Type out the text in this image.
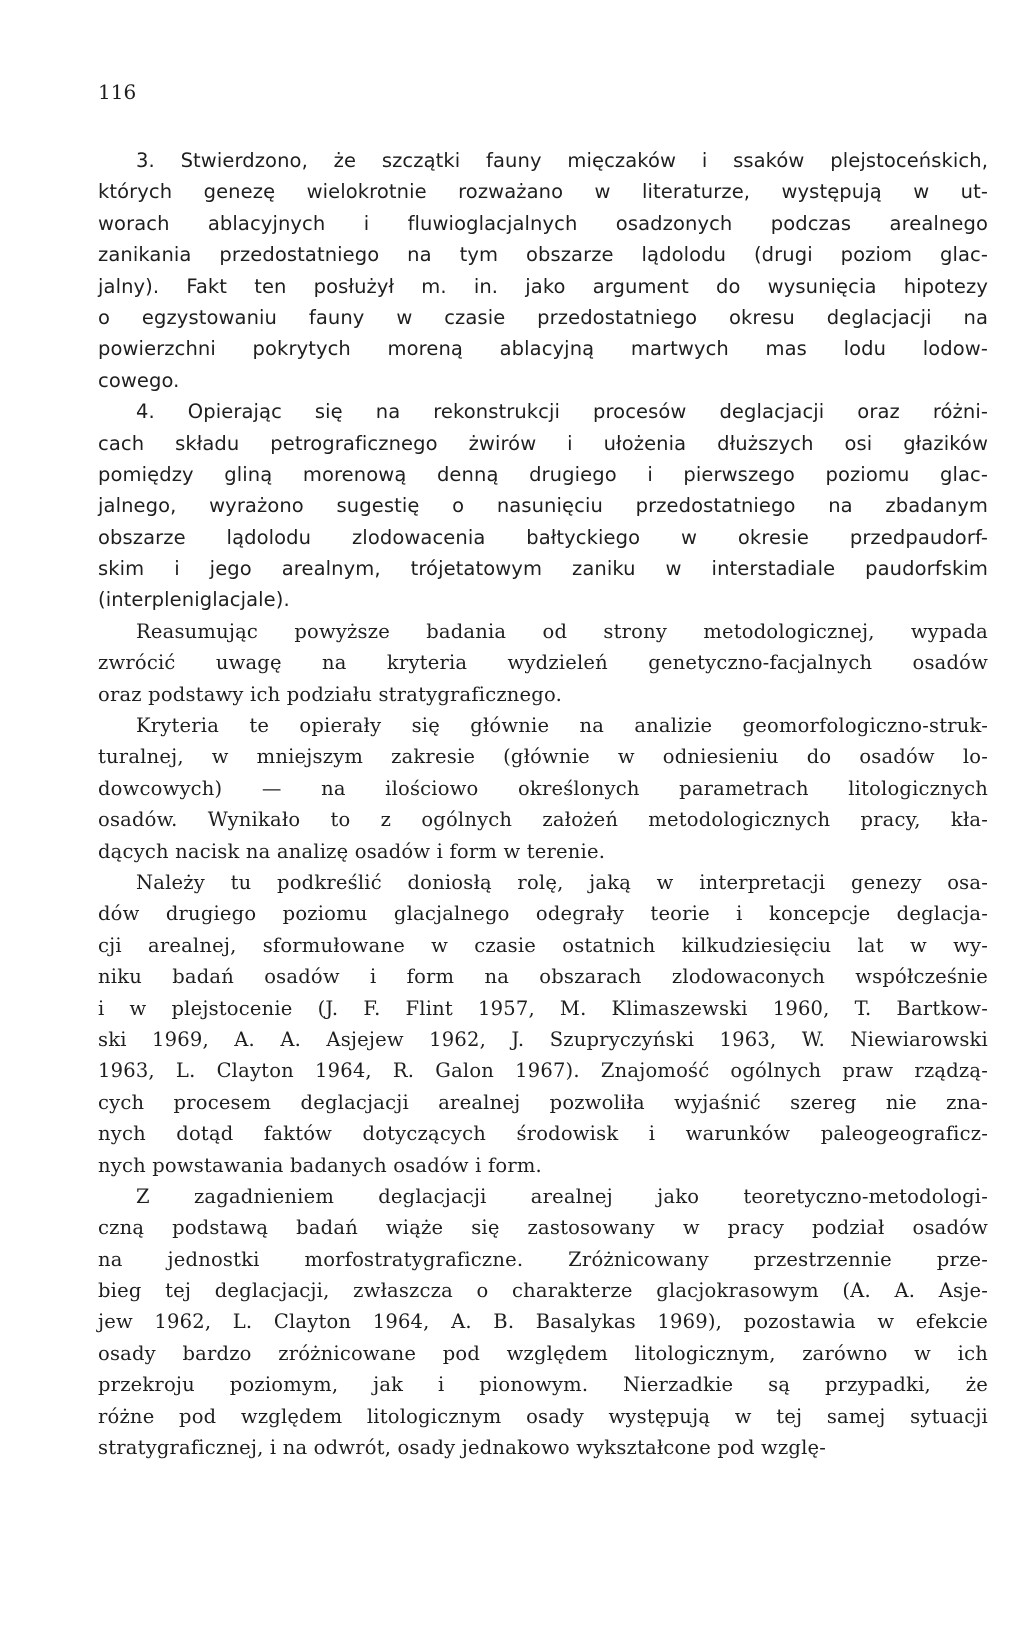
116
3. Stwierdzono, że szczątki fauny mięczaków i ssaków plejstoceńskich,
których genezę wielokrotnie rozważano w literaturze, występują w ut-
worach ablacyjnych i fluwioglacjalnych osadzonych podczas arealnego
zanikania przedostatniego na tym obszarze lądolodu (drugi poziom glac-
jalny). Fakt ten posłużył m. in. jako argument do wysunięcia hipotezy
o egzystowaniu fauny w czasie przedostatniego okresu deglacjacji na
powierzchni pokrytych moreną ablacyjną martwych mas lodu lodow-
cowego.
4. Opierając się na rekonstrukcji procesów deglacjacji oraz różni-
cach składu petrograficznego żwirów i ułożenia dłuższych osi głazików
pomiędzy gliną morenową denną drugiego i pierwszego poziomu glac-
jalnego, wyrażono sugestię o nasunięciu przedostatniego na zbadanym
obszarze lądolodu zlodowacenia bałtyckiego w okresie przedpaudorf-
skim i jego arealnym, trójetatowym zaniku w interstadiale paudorfskim
(interpleniglacjale).
Reasumując powyższe badania od strony metodologicznej, wypada
zwrócić uwagę na kryteria wydzieleń genetyczno-facjalnych osadów
oraz podstawy ich podziału stratygraficznego.
Kryteria te opierały się głównie na analizie geomorfologiczno-struk-
turalnej, w mniejszym zakresie (głównie w odniesieniu do osadów lo-
dowcowych) — na ilościowo określonych parametrach litologicznych
osadów. Wynikało to z ogólnych założeń metodologicznych pracy, kła-
dących nacisk na analizę osadów i form w terenie.
Należy tu podkreślić doniosłą rolę, jaką w interpretacji genezy osa-
dów drugiego poziomu glacjalnego odegrały teorie i koncepcje deglacja-
cji arealnej, sformułowane w czasie ostatnich kilkudziesięciu lat w wy-
niku badań osadów i form na obszarach zlodowaconych współcześnie
i w plejstocenie (J. F. Flint 1957, M. Klimaszewski 1960, T. Bartkow-
ski 1969, A. A. Asjejew 1962, J. Szupryczyński 1963, W. Niewiarowski
1963, L. Clayton 1964, R. Galon 1967). Znajomość ogólnych praw rządzą-
cych procesem deglacjacji arealnej pozwoliła wyjaśnić szereg nie zna-
nych dotąd faktów dotyczących środowisk i warunków paleogeograficz-
nych powstawania badanych osadów i form.
Z zagadnieniem deglacjacji arealnej jako teoretyczno-metodologi-
czną podstawą badań wiąże się zastosowany w pracy podział osadów
na jednostki morfostratygraficzne. Zróżnicowany przestrzennie prze-
bieg tej deglacjacji, zwłaszcza o charakterze glacjokrasowym (A. A. Asje-
jew 1962, L. Clayton 1964, A. B. Basalykas 1969), pozostawia w efekcie
osady bardzo zróżnicowane pod względem litologicznym, zarówno w ich
przekroju poziomym, jak i pionowym. Nierzadkie są przypadki, że
różne pod względem litologicznym osady występują w tej samej sytuacji
stratygraficznej, i na odwrót, osady jednakowo wykształcone pod wzglę-
